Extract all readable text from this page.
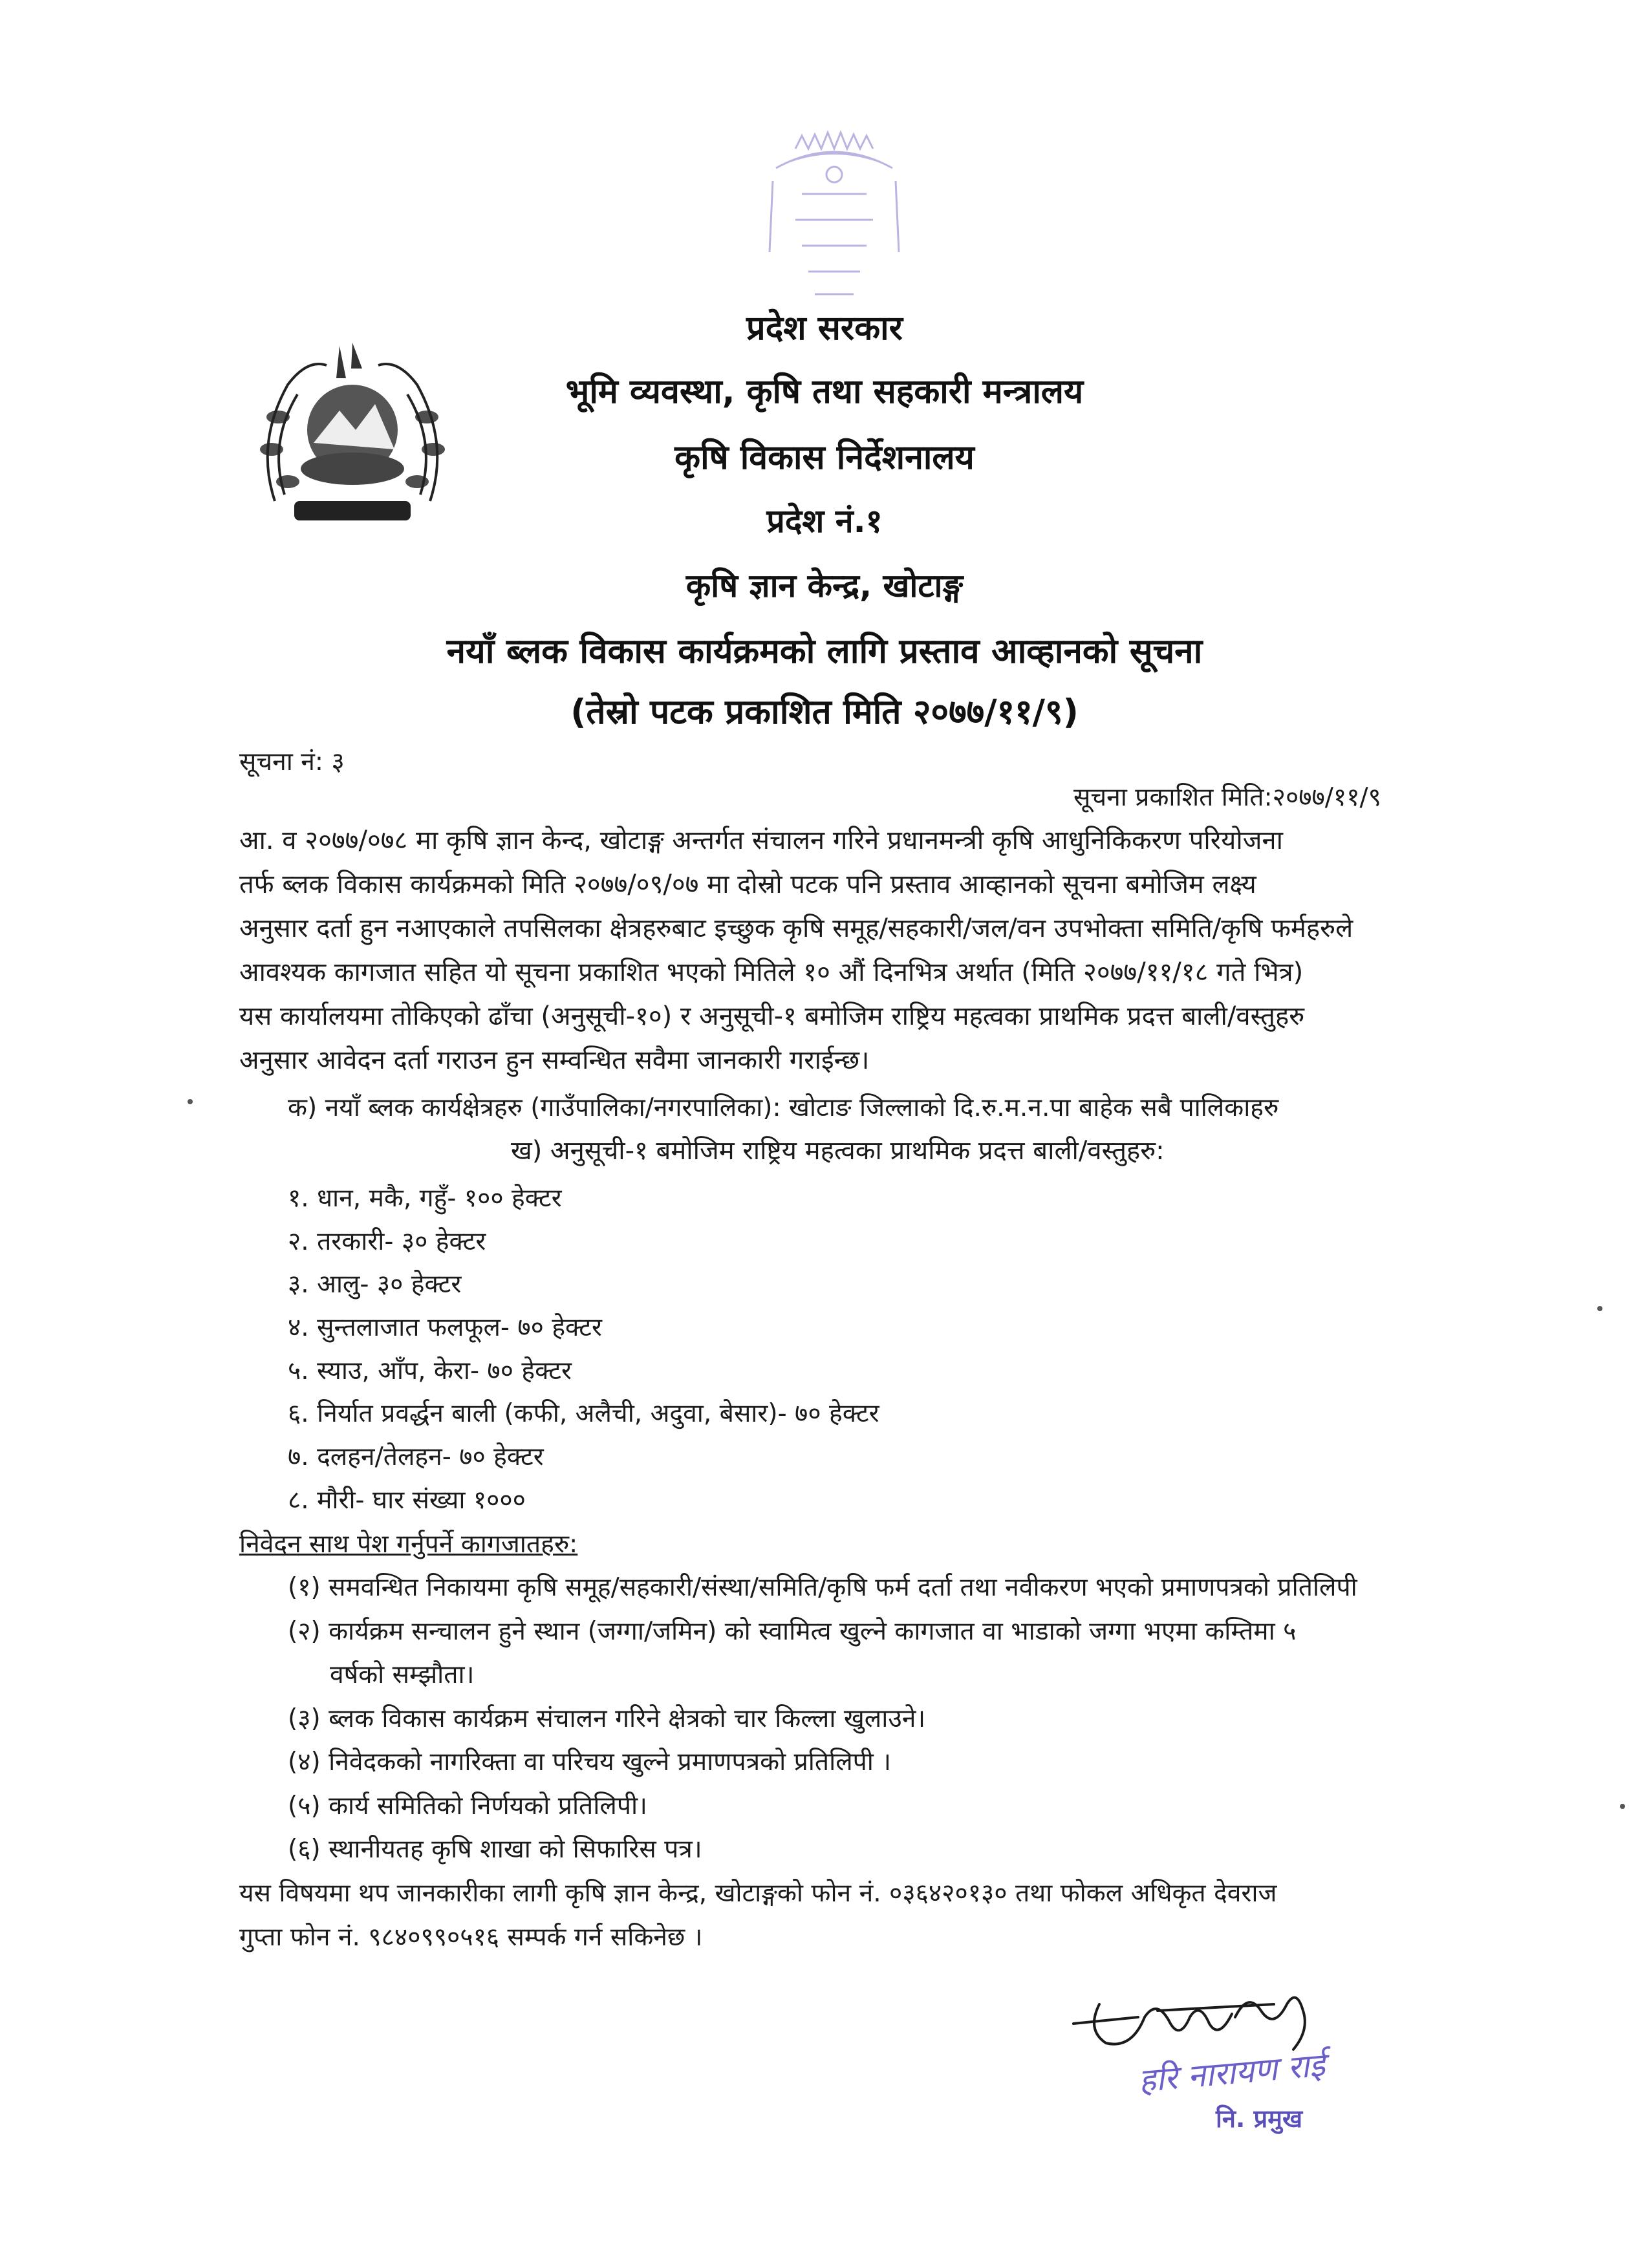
प्रदेश सरकार
भूमि व्यवस्था, कृषि तथा सहकारी मन्त्रालय
कृषि विकास निर्देशनालय
प्रदेश नं.१
कृषि ज्ञान केन्द्र, खोटाङ्ग
नयाँ ब्लक विकास कार्यक्रमको लागि प्रस्ताव आव्हानको सूचना
(तेस्रो पटक प्रकाशित मिति २०७७/११/९)
सूचना नं: ३
सूचना प्रकाशित मिति:२०७७/११/९
आ. व २०७७/०७८ मा कृषि ज्ञान केन्द, खोटाङ्ग अन्तर्गत संचालन गरिने प्रधानमन्त्री कृषि आधुनिकिकरण परियोजना
तर्फ ब्लक विकास कार्यक्रमको मिति २०७७/०९/०७ मा दोस्रो पटक पनि प्रस्ताव आव्हानको सूचना बमोजिम लक्ष्य
अनुसार दर्ता हुन नआएकाले तपसिलका क्षेत्रहरुबाट इच्छुक कृषि समूह/सहकारी/जल/वन उपभोक्ता समिति/कृषि फर्महरुले
आवश्यक कागजात सहित यो सूचना प्रकाशित भएको मितिले १० औं दिनभित्र अर्थात (मिति २०७७/११/१८ गते भित्र)
यस कार्यालयमा तोकिएको ढाँचा (अनुसूची-१०) र अनुसूची-१ बमोजिम राष्ट्रिय महत्वका प्राथमिक प्रदत्त बाली/वस्तुहरु
अनुसार आवेदन दर्ता गराउन हुन सम्वन्धित सवैमा जानकारी गराईन्छ।
क) नयाँ ब्लक कार्यक्षेत्रहरु (गाउँपालिका/नगरपालिका): खोटाङ जिल्लाको दि.रु.म.न.पा बाहेक सबै पालिकाहरु
ख) अनुसूची-१ बमोजिम राष्ट्रिय महत्वका प्राथमिक प्रदत्त बाली/वस्तुहरु:
१. धान, मकै, गहुँ- १०० हेक्टर
२. तरकारी- ३० हेक्टर
३. आलु- ३० हेक्टर
४. सुन्तलाजात फलफूल- ७० हेक्टर
५. स्याउ, आँप, केरा- ७० हेक्टर
६. निर्यात प्रवर्द्धन बाली (कफी, अलैची, अदुवा, बेसार)- ७० हेक्टर
७. दलहन/तेलहन- ७० हेक्टर
८. मौरी- घार संख्या १०००
निवेदन साथ पेश गर्नुपर्ने कागजातहरु:
(१) समवन्धित निकायमा कृषि समूह/सहकारी/संस्था/समिति/कृषि फर्म दर्ता तथा नवीकरण भएको प्रमाणपत्रको प्रतिलिपी
(२) कार्यक्रम सन्चालन हुने स्थान (जग्गा/जमिन) को स्वामित्व खुल्ने कागजात वा भाडाको जग्गा भएमा कम्तिमा ५
वर्षको सम्झौता।
(३) ब्लक विकास कार्यक्रम संचालन गरिने क्षेत्रको चार किल्ला खुलाउने।
(४) निवेदकको नागरिक्ता वा परिचय खुल्ने प्रमाणपत्रको प्रतिलिपी ।
(५) कार्य समितिको निर्णयको प्रतिलिपी।
(६) स्थानीयतह कृषि शाखा को सिफारिस पत्र।
यस विषयमा थप जानकारीका लागी कृषि ज्ञान केन्द्र, खोटाङ्गको फोन नं. ०३६४२०१३० तथा फोकल अधिकृत देवराज
गुप्ता फोन नं. ९८४०९९०५१६ सम्पर्क गर्न सकिनेछ ।
हरि नारायण राई
नि. प्रमुख
